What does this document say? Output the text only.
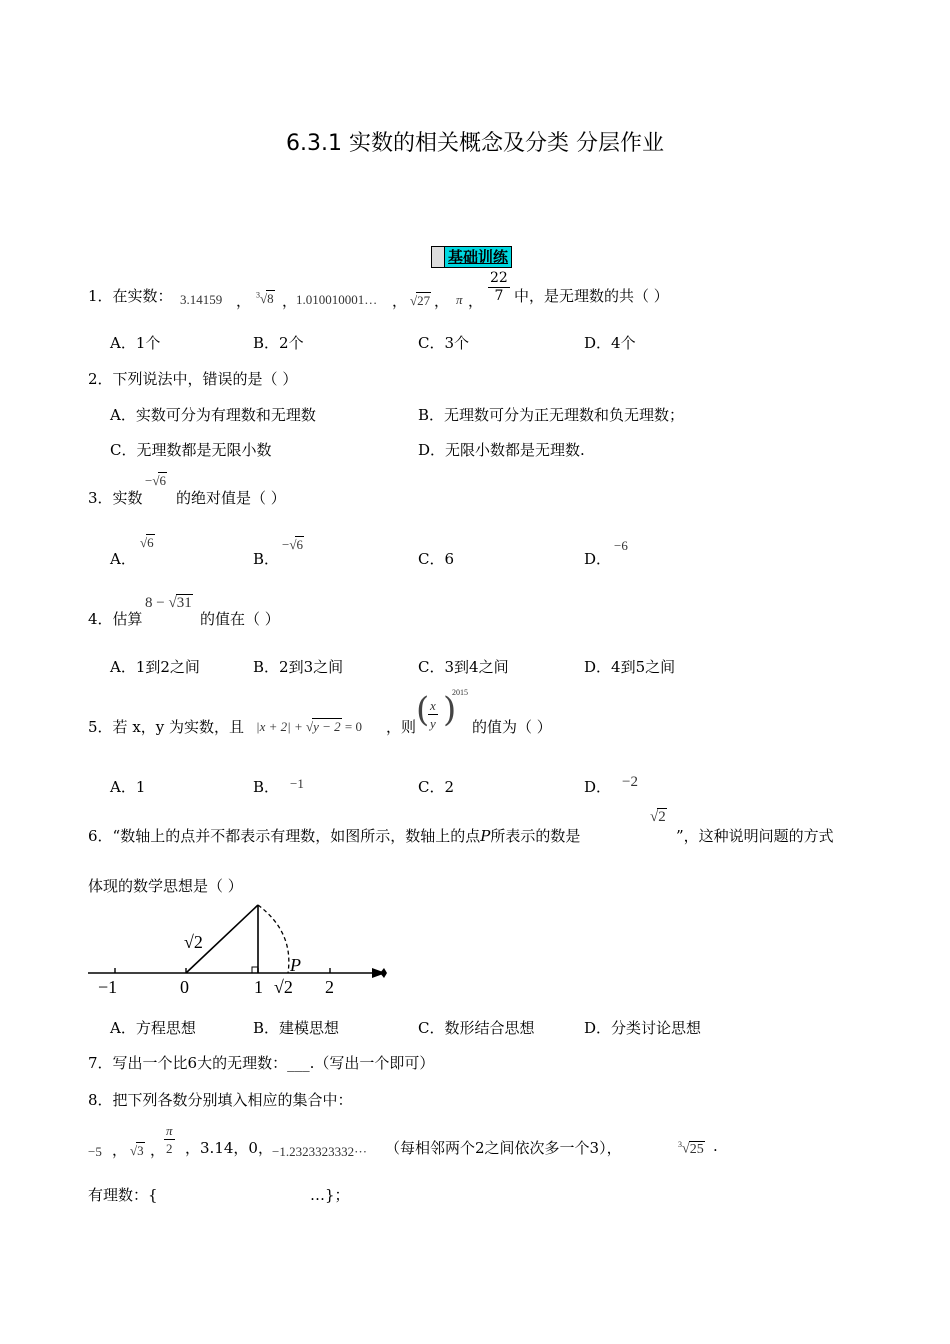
6.3.1 实数的相关概念及分类 分层作业
基础训练
1．在实数： 3.14159 ， $^3$√8 ，
1.010010001… ， √27 ， π ， $\frac{22}{7}$ 中，是无理数的共（ ）
A．1个	B．2个	C．3个	D．4个
2．下列说法中，错误的是（ ）
A．实数可分为有理数和无理数	B．无理数可分为正无理数和负无理数；
C．无理数都是无限小数	D．无限小数都是无理数.
3．实数
−√6
的绝对值是（ ）
A．
√6
B．
−√6
C．6	D．
−6
4．估算
8 − √31
的值在（ ）
A．1到2之间	B．2到3之间	C．3到4之间	D．4到5之间
5．若 x，y 为实数，且 |x + 2| + √y − 2 = 0 ，则 (
$\frac{x}{y}$ )
2015
的值为（ ）
A．1	B． −1	C．2	D． −2
6．“数轴上的点并不都表示有理数，如图所示，数轴上的点P所表示的数是
√2
”，这种说明问题的方式
体现的数学思想是（ ）
−1	0	1	2
√2
P
√2
A．方程思想	B．建模思想	C．数形结合思想	D．分类讨论思想
7．写出一个比6大的无理数：___.（写出一个即可）
8．把下列各数分别填入相应的集合中：
−5 ， √3 ，
$\frac{\pi}{2}$ ，3.14，0， −1.2323323332··· （每相邻两个2之间依次多一个3），	$^3$√25 .
有理数：{	…}；
